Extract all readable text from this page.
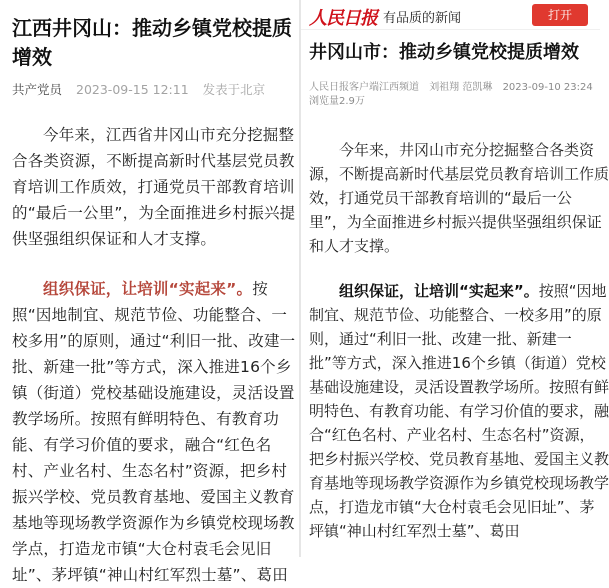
江西井冈山：推动乡镇党校提质增效
共产党员 2023-09-15 12:11 发表于北京

今年来，江西省井冈山市充分挖掘整合各类资源，不断提高新时代基层党员教育培训工作质效，打通党员干部教育培训的“最后一公里”，为全面推进乡村振兴提供坚强组织保证和人才支撑。

组织保证，让培训“实起来”。按照“因地制宜、规范节俭、功能整合、一校多用”的原则，通过“利旧一批、改建一批、新建一批”等方式，深入推进16个乡镇（街道）党校基础设施建设，灵活设置教学场所。按照有鲜明特色、有教育功能、有学习价值的要求，融合“红色名村、产业名村、生态名村”资源，把乡村振兴学校、党员教育基地、爱国主义教育基地等现场教学资源作为乡镇党校现场教学点，打造龙市镇“大仓村袁毛会见旧址”、茅坪镇“神山村红军烈士墓”、葛田

人民日报 有品质的新闻	打开
井冈山市：推动乡镇党校提质增效
人民日报客户端江西频道 刘祖翔 范凯琳 2023-09-10 23:24
浏览量2.9万

今年来，井冈山市充分挖掘整合各类资源，不断提高新时代基层党员教育培训工作质效，打通党员干部教育培训的“最后一公里”，为全面推进乡村振兴提供坚强组织保证和人才支撑。

组织保证，让培训“实起来”。按照“因地制宜、规范节俭、功能整合、一校多用”的原则，通过“利旧一批、改建一批、新建一批”等方式，深入推进16个乡镇（街道）党校基础设施建设，灵活设置教学场所。按照有鲜明特色、有教育功能、有学习价值的要求，融合“红色名村、产业名村、生态名村”资源，把乡村振兴学校、党员教育基地、爱国主义教育基地等现场教学资源作为乡镇党校现场教学点，打造龙市镇“大仓村袁毛会见旧址”、茅坪镇“神山村红军烈士墓”、葛田
